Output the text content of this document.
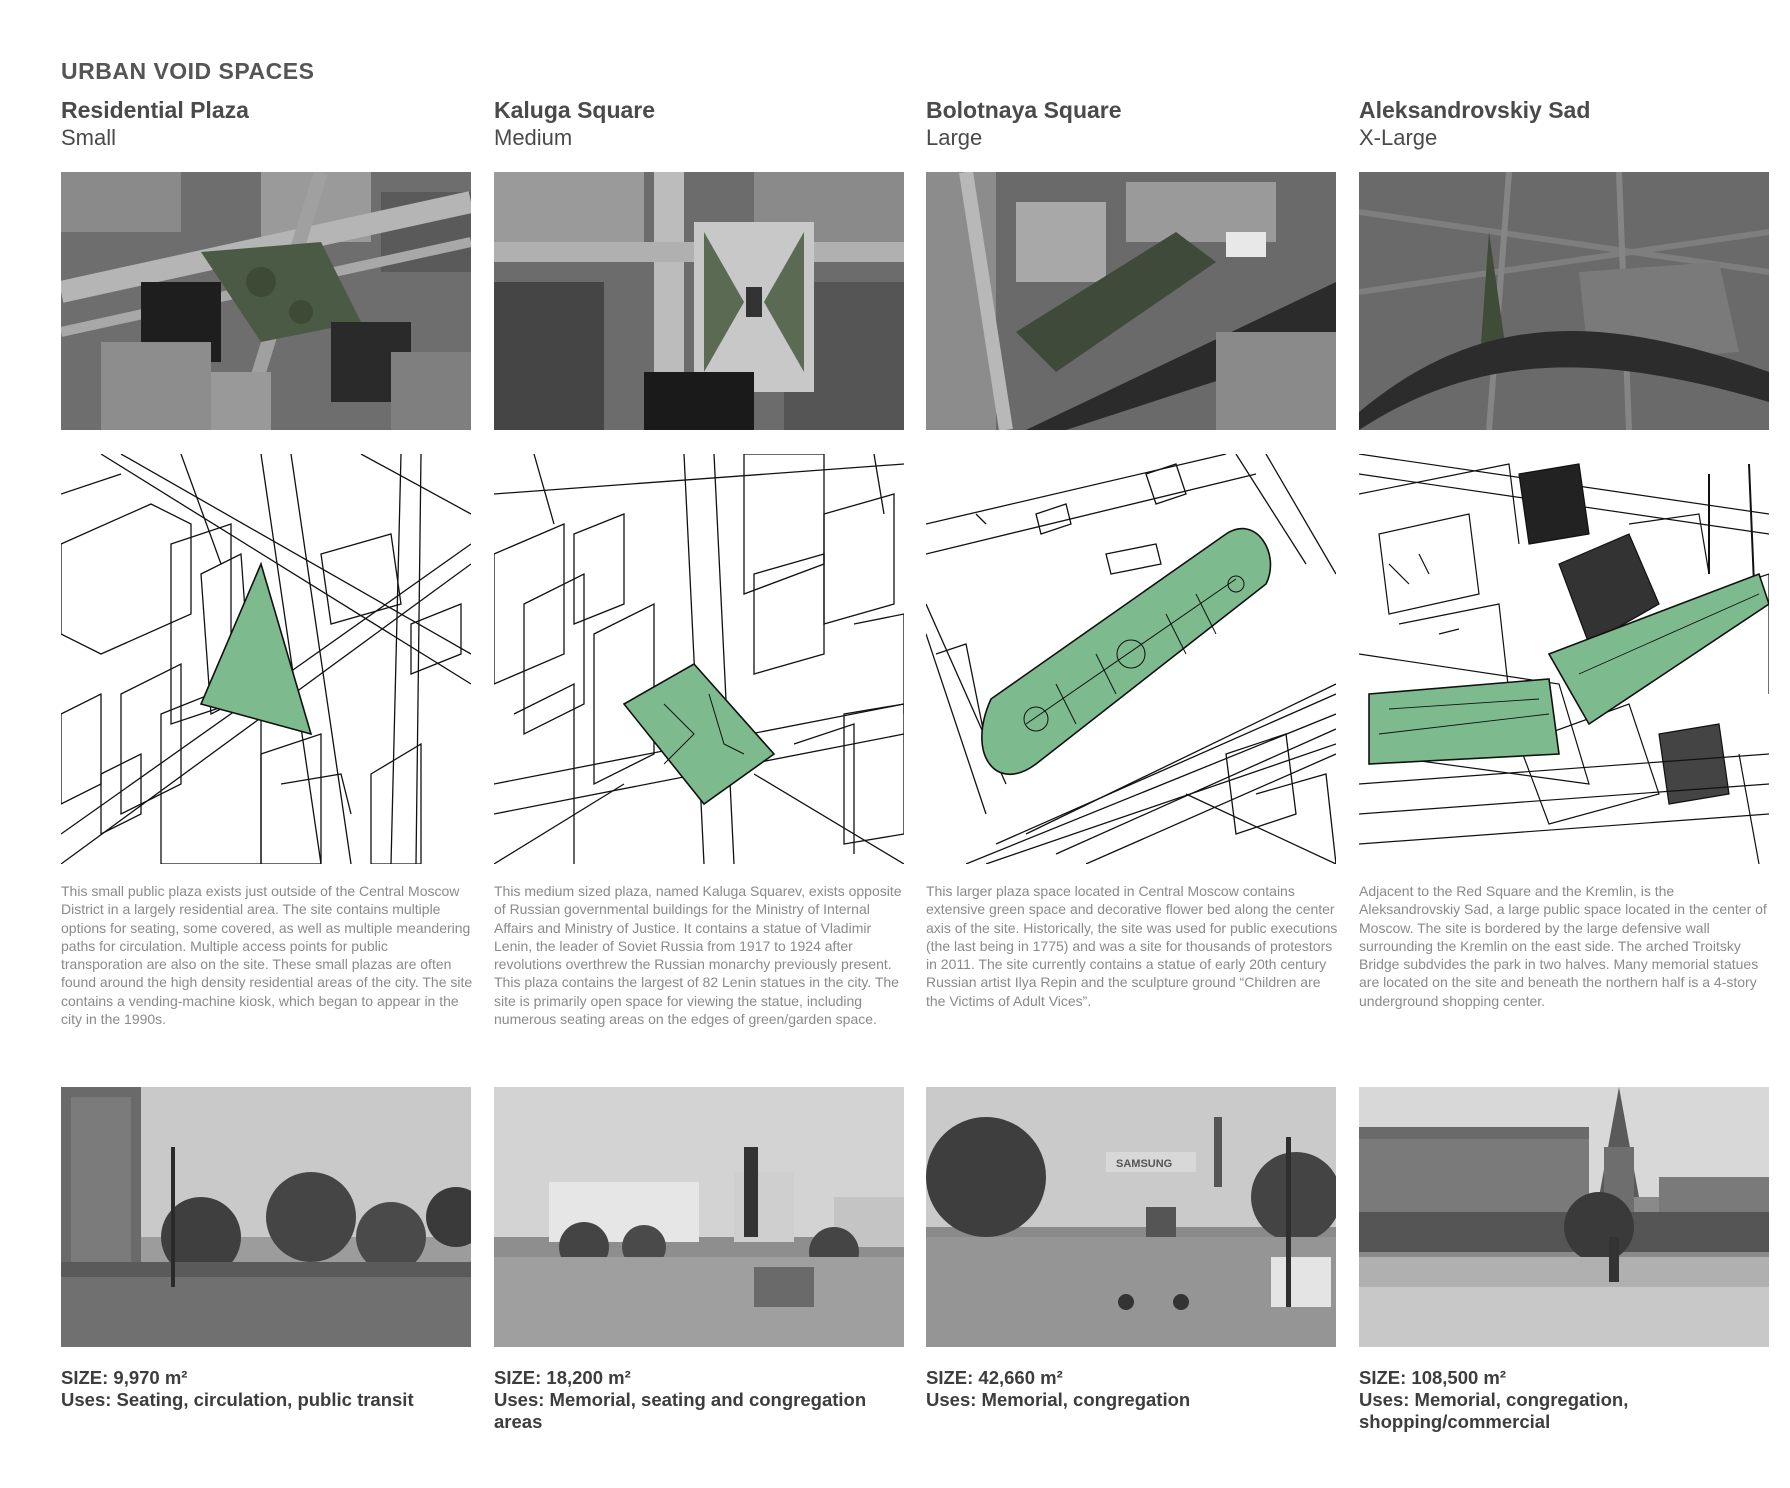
URBAN VOID SPACES
Residential Plaza
Small
This small public plaza exists just outside of the Central Moscow District in a largely residential area. The site contains multiple options for seating, some covered, as well as multiple meandering paths for circulation. Multiple access points for public transporation are also on the site. These small plazas are often found around the high density residential areas of the city. The site contains a vending-machine kiosk, which began to appear in the city in the 1990s.
SIZE: 9,970 m²
Uses: Seating, circulation, public transit
Kaluga Square
Medium
This medium sized plaza, named Kaluga Squarev, exists opposite of Russian governmental buildings for the Ministry of Internal Affairs and Ministry of Justice. It contains a statue of Vladimir Lenin, the leader of Soviet Russia from 1917 to 1924 after revolutions overthrew the Russian monarchy previously present. This plaza contains the largest of 82 Lenin statues in the city. The site is primarily open space for viewing the statue, including numerous seating areas on the edges of green/garden space.
SIZE: 18,200 m²
Uses: Memorial, seating and congregation areas
Bolotnaya Square
Large
This larger plaza space located in Central Moscow contains extensive green space and decorative flower bed along the center axis of the site. Historically, the site was used for public executions (the last being in 1775) and was a site for thousands of protestors in 2011. The site currently contains a statue of early 20th century Russian artist Ilya Repin and the sculpture ground “Children are the Victims of Adult Vices”.
SAMSUNG
SIZE: 42,660 m²
Uses: Memorial, congregation
Aleksandrovskiy Sad
X-Large
Adjacent to the Red Square and the Kremlin, is the Aleksandrovskiy Sad, a large public space located in the center of Moscow. The site is bordered by the large defensive wall surrounding the Kremlin on the east side. The arched Troitsky Bridge subdvides the park in two halves. Many memorial statues are located on the site and beneath the northern half is a 4-story underground shopping center.
SIZE: 108,500 m²
Uses: Memorial, congregation, shopping/commercial
